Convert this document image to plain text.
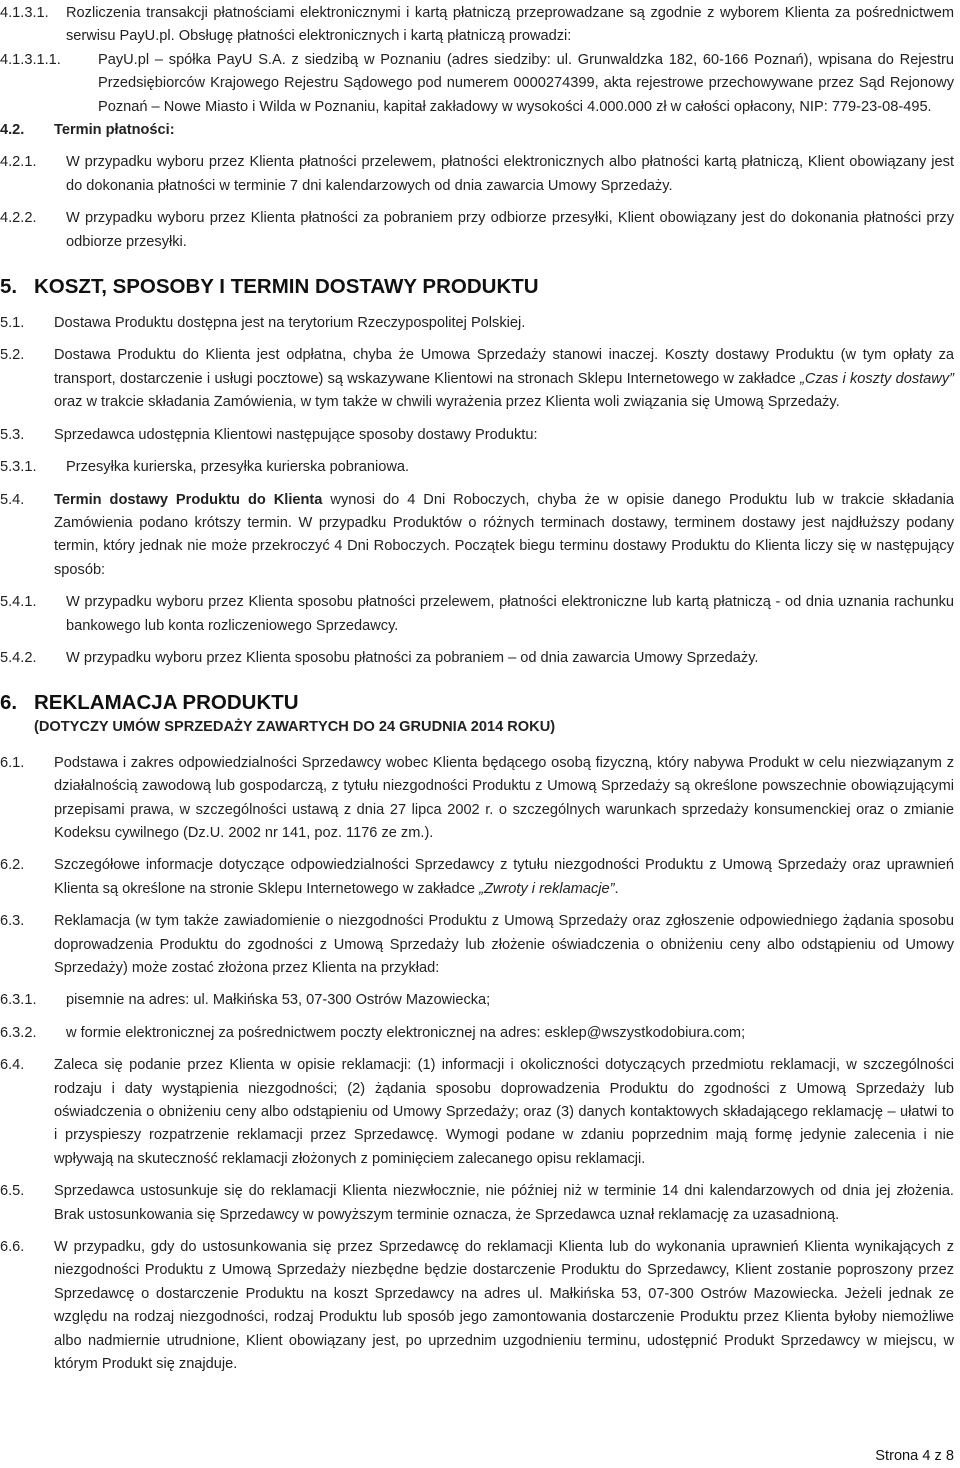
4.1.3.1.	Rozliczenia transakcji płatnościami elektronicznymi i kartą płatniczą przeprowadzane są zgodnie z wyborem Klienta za pośrednictwem serwisu PayU.pl. Obsługę płatności elektronicznych i kartą płatniczą prowadzi:
4.1.3.1.1.	PayU.pl – spółka PayU S.A. z siedzibą w Poznaniu (adres siedziby: ul. Grunwaldzka 182, 60-166 Poznań), wpisana do Rejestru Przedsiębiorców Krajowego Rejestru Sądowego pod numerem 0000274399, akta rejestrowe przechowywane przez Sąd Rejonowy Poznań – Nowe Miasto i Wilda w Poznaniu, kapitał zakładowy w wysokości 4.000.000 zł w całości opłacony, NIP: 779-23-08-495.
4.2.	Termin płatności:
4.2.1.	W przypadku wyboru przez Klienta płatności przelewem, płatności elektronicznych albo płatności kartą płatniczą, Klient obowiązany jest do dokonania płatności w terminie 7 dni kalendarzowych od dnia zawarcia Umowy Sprzedaży.
4.2.2.	W przypadku wyboru przez Klienta płatności za pobraniem przy odbiorze przesyłki, Klient obowiązany jest do dokonania płatności przy odbiorze przesyłki.
5. KOSZT, SPOSOBY I TERMIN DOSTAWY PRODUKTU
5.1.	Dostawa Produktu dostępna jest na terytorium Rzeczypospolitej Polskiej.
5.2.	Dostawa Produktu do Klienta jest odpłatna, chyba że Umowa Sprzedaży stanowi inaczej. Koszty dostawy Produktu (w tym opłaty za transport, dostarczenie i usługi pocztowe) są wskazywane Klientowi na stronach Sklepu Internetowego w zakładce „Czas i koszty dostawy” oraz w trakcie składania Zamówienia, w tym także w chwili wyrażenia przez Klienta woli związania się Umową Sprzedaży.
5.3.	Sprzedawca udostępnia Klientowi następujące sposoby dostawy Produktu:
5.3.1.	Przesyłka kurierska, przesyłka kurierska pobraniowa.
5.4.	Termin dostawy Produktu do Klienta wynosi do 4 Dni Roboczych, chyba że w opisie danego Produktu lub w trakcie składania Zamówienia podano krótszy termin. W przypadku Produktów o różnych terminach dostawy, terminem dostawy jest najdłuższy podany termin, który jednak nie może przekroczyć 4 Dni Roboczych. Początek biegu terminu dostawy Produktu do Klienta liczy się w następujący sposób:
5.4.1.	W przypadku wyboru przez Klienta sposobu płatności przelewem, płatności elektroniczne lub kartą płatniczą - od dnia uznania rachunku bankowego lub konta rozliczeniowego Sprzedawcy.
5.4.2.	W przypadku wyboru przez Klienta sposobu płatności za pobraniem – od dnia zawarcia Umowy Sprzedaży.
6. REKLAMACJA PRODUKTU
(DOTYCZY UMÓW SPRZEDAŻY ZAWARTYCH DO 24 GRUDNIA 2014 ROKU)
6.1.	Podstawa i zakres odpowiedzialności Sprzedawcy wobec Klienta będącego osobą fizyczną, który nabywa Produkt w celu niezwiązanym z działalnością zawodową lub gospodarczą, z tytułu niezgodności Produktu z Umową Sprzedaży są określone powszechnie obowiązującymi przepisami prawa, w szczególności ustawą z dnia 27 lipca 2002 r. o szczególnych warunkach sprzedaży konsumenckiej oraz o zmianie Kodeksu cywilnego (Dz.U. 2002 nr 141, poz. 1176 ze zm.).
6.2.	Szczegółowe informacje dotyczące odpowiedzialności Sprzedawcy z tytułu niezgodności Produktu z Umową Sprzedaży oraz uprawnień Klienta są określone na stronie Sklepu Internetowego w zakładce „Zwroty i reklamacje”.
6.3.	Reklamacja (w tym także zawiadomienie o niezgodności Produktu z Umową Sprzedaży oraz zgłoszenie odpowiedniego żądania sposobu doprowadzenia Produktu do zgodności z Umową Sprzedaży lub złożenie oświadczenia o obniżeniu ceny albo odstąpieniu od Umowy Sprzedaży) może zostać złożona przez Klienta na przykład:
6.3.1.	pisemnie na adres: ul. Małkińska 53, 07-300 Ostrów Mazowiecka;
6.3.2.	w formie elektronicznej za pośrednictwem poczty elektronicznej na adres: esklep@wszystkodobiura.com;
6.4.	Zaleca się podanie przez Klienta w opisie reklamacji: (1) informacji i okoliczności dotyczących przedmiotu reklamacji, w szczególności rodzaju i daty wystąpienia niezgodności; (2) żądania sposobu doprowadzenia Produktu do zgodności z Umową Sprzedaży lub oświadczenia o obniżeniu ceny albo odstąpieniu od Umowy Sprzedaży; oraz (3) danych kontaktowych składającego reklamację – ułatwi to i przyspieszy rozpatrzenie reklamacji przez Sprzedawcę. Wymogi podane w zdaniu poprzednim mają formę jedynie zalecenia i nie wpływają na skuteczność reklamacji złożonych z pominięciem zalecanego opisu reklamacji.
6.5.	Sprzedawca ustosunkuje się do reklamacji Klienta niezwłocznie, nie później niż w terminie 14 dni kalendarzowych od dnia jej złożenia. Brak ustosunkowania się Sprzedawcy w powyższym terminie oznacza, że Sprzedawca uznał reklamację za uzasadnioną.
6.6.	W przypadku, gdy do ustosunkowania się przez Sprzedawcę do reklamacji Klienta lub do wykonania uprawnień Klienta wynikających z niezgodności Produktu z Umową Sprzedaży niezbędne będzie dostarczenie Produktu do Sprzedawcy, Klient zostanie poproszony przez Sprzedawcę o dostarczenie Produktu na koszt Sprzedawcy na adres ul. Małkińska 53, 07-300 Ostrów Mazowiecka. Jeżeli jednak ze względu na rodzaj niezgodności, rodzaj Produktu lub sposób jego zamontowania dostarczenie Produktu przez Klienta byłoby niemożliwe albo nadmiernie utrudnione, Klient obowiązany jest, po uprzednim uzgodnieniu terminu, udostępnić Produkt Sprzedawcy w miejscu, w którym Produkt się znajduje.
Strona 4 z 8
